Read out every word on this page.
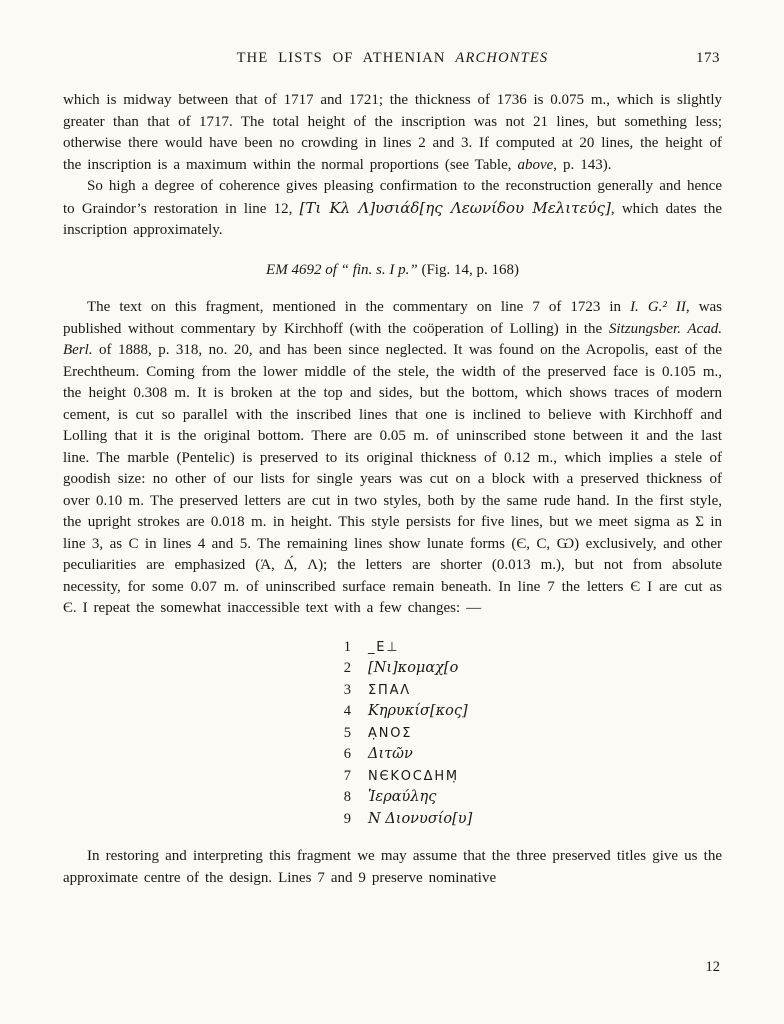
THE LISTS OF ATHENIAN ARCHONTES	173

which is midway between that of 1717 and 1721; the thickness of 1736 is 0.075 m., which is slightly greater than that of 1717. The total height of the inscription was not 21 lines, but something less; otherwise there would have been no crowding in lines 2 and 3. If computed at 20 lines, the height of the inscription is a maximum within the normal proportions (see Table, above, p. 143).

So high a degree of coherence gives pleasing confirmation to the reconstruction generally and hence to Graindor’s restoration in line 12, [Τι Κλ Λ]υσιάδ[ης Λεωνίδου Μελιτεύς], which dates the inscription approximately.

EM 4692 of “ fin. s. I p.” (Fig. 14, p. 168)

The text on this fragment, mentioned in the commentary on line 7 of 1723 in I. G.² II, was published without commentary by Kirchhoff (with the coöperation of Lolling) in the Sitzungsber. Acad. Berl. of 1888, p. 318, no. 20, and has been since neglected. It was found on the Acropolis, east of the Erechtheum. Coming from the lower middle of the stele, the width of the preserved face is 0.105 m., the height 0.308 m. It is broken at the top and sides, but the bottom, which shows traces of modern cement, is cut so parallel with the inscribed lines that one is inclined to believe with Kirchhoff and Lolling that it is the original bottom. There are 0.05 m. of uninscribed stone between it and the last line. The marble (Pentelic) is preserved to its original thickness of 0.12 m., which implies a stele of goodish size: no other of our lists for single years was cut on a block with a preserved thickness of over 0.10 m. The preserved letters are cut in two styles, both by the same rude hand. In the first style, the upright strokes are 0.018 m. in height. This style persists for five lines, but we meet sigma as Σ in line 3, as Ϲ in lines 4 and 5. The remaining lines show lunate forms (Є, Ϲ, Ѡ) exclusively, and other peculiarities are emphasized (Ά, Δ́, Ʌ); the letters are shorter (0.013 m.), but not from absolute necessity, for some 0.07 m. of uninscribed surface remain beneath. In line 7 the letters Є Ι are cut as Є. I repeat the somewhat inaccessible text with a few changes: —

1 _Ε⊥
2 [Νι]κομαχ[ο
3 ΣΠΑΛ
4 Κηρυκίσ[κος]
5 Α̣ΝΟΣ
6 Διτῶν
7 ΝЄΚΟϹΔΗΜ̣
8 Ἱεραύλης
9 Ν Διονυσίο[υ]

In restoring and interpreting this fragment we may assume that the three preserved titles give us the approximate centre of the design. Lines 7 and 9 preserve nominative

12
